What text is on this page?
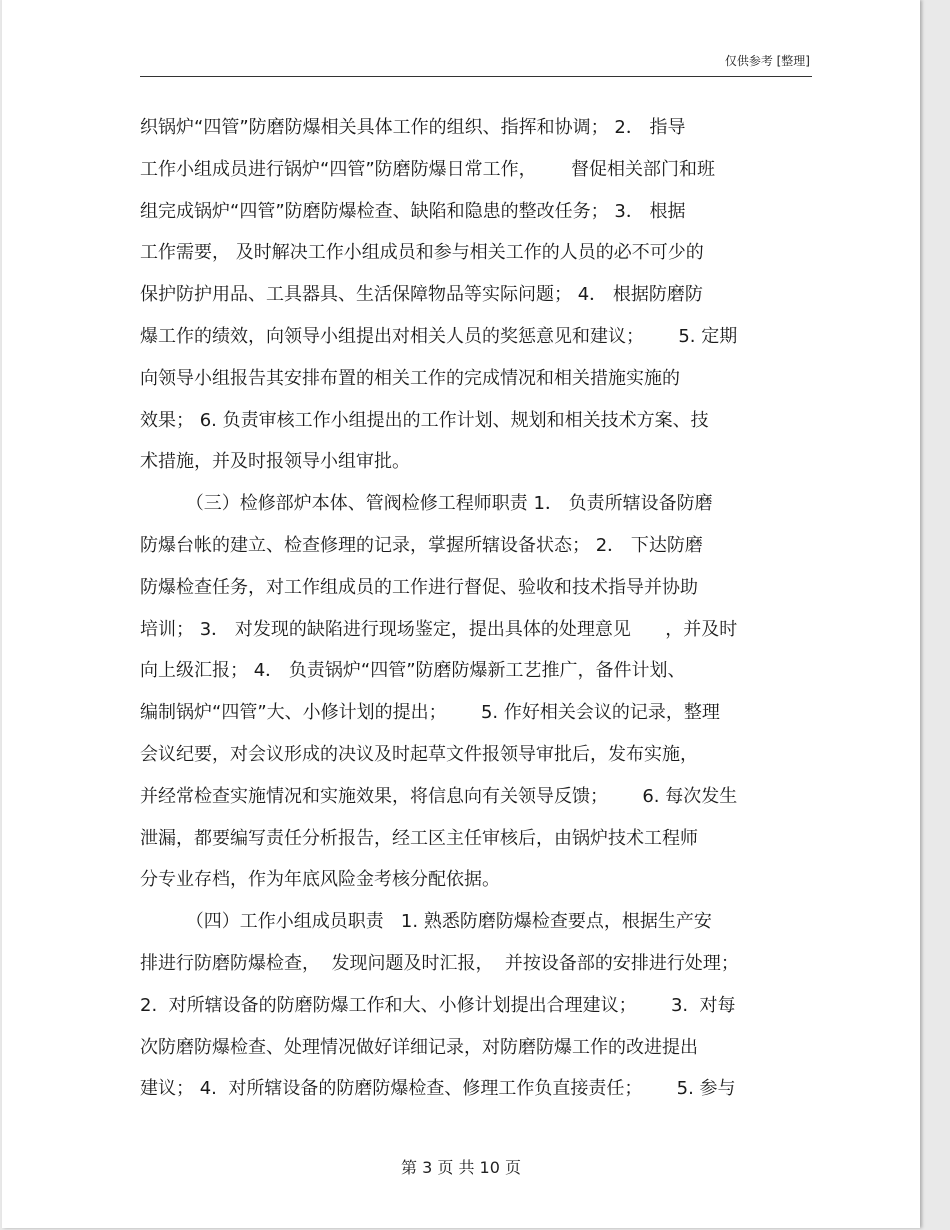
仅供参考 [整理]
织锅炉“四管”防磨防爆相关具体工作的组织、指挥和协调； 2． 指导
工作小组成员进行锅炉“四管”防磨防爆日常工作，      督促相关部门和班
组完成锅炉“四管”防磨防爆检查、缺陷和隐患的整改任务； 3． 根据
工作需要， 及时解决工作小组成员和参与相关工作的人员的必不可少的
保护防护用品、工具器具、生活保障物品等实际问题； 4． 根据防磨防
爆工作的绩效，向领导小组提出对相关人员的奖惩意见和建议；      5. 定期
向领导小组报告其安排布置的相关工作的完成情况和相关措施实施的
效果； 6. 负责审核工作小组提出的工作计划、规划和相关技术方案、技
术措施，并及时报领导小组审批。
（三）检修部炉本体、管阀检修工程师职责 1． 负责所辖设备防磨
防爆台帐的建立、检查修理的记录，掌握所辖设备状态； 2． 下达防磨
防爆检查任务，对工作组成员的工作进行督促、验收和技术指导并协助
培训； 3． 对发现的缺陷进行现场鉴定，提出具体的处理意见      ，并及时
向上级汇报； 4． 负责锅炉“四管”防磨防爆新工艺推广，备件计划、
编制锅炉“四管”大、小修计划的提出；      5. 作好相关会议的记录，整理
会议纪要，对会议形成的决议及时起草文件报领导审批后，发布实施，
并经常检查实施情况和实施效果，将信息向有关领导反馈；      6. 每次发生
泄漏，都要编写责任分析报告，经工区主任审核后，由锅炉技术工程师
分专业存档，作为年底风险金考核分配依据。
（四）工作小组成员职责   1. 熟悉防磨防爆检查要点，根据生产安
排进行防磨防爆检查，  发现问题及时汇报，  并按设备部的安排进行处理；
2.  对所辖设备的防磨防爆工作和大、小修计划提出合理建议；      3.  对每
次防磨防爆检查、处理情况做好详细记录，对防磨防爆工作的改进提出
建议； 4.  对所辖设备的防磨防爆检查、修理工作负直接责任；      5. 参与
第 3 页 共 10 页
